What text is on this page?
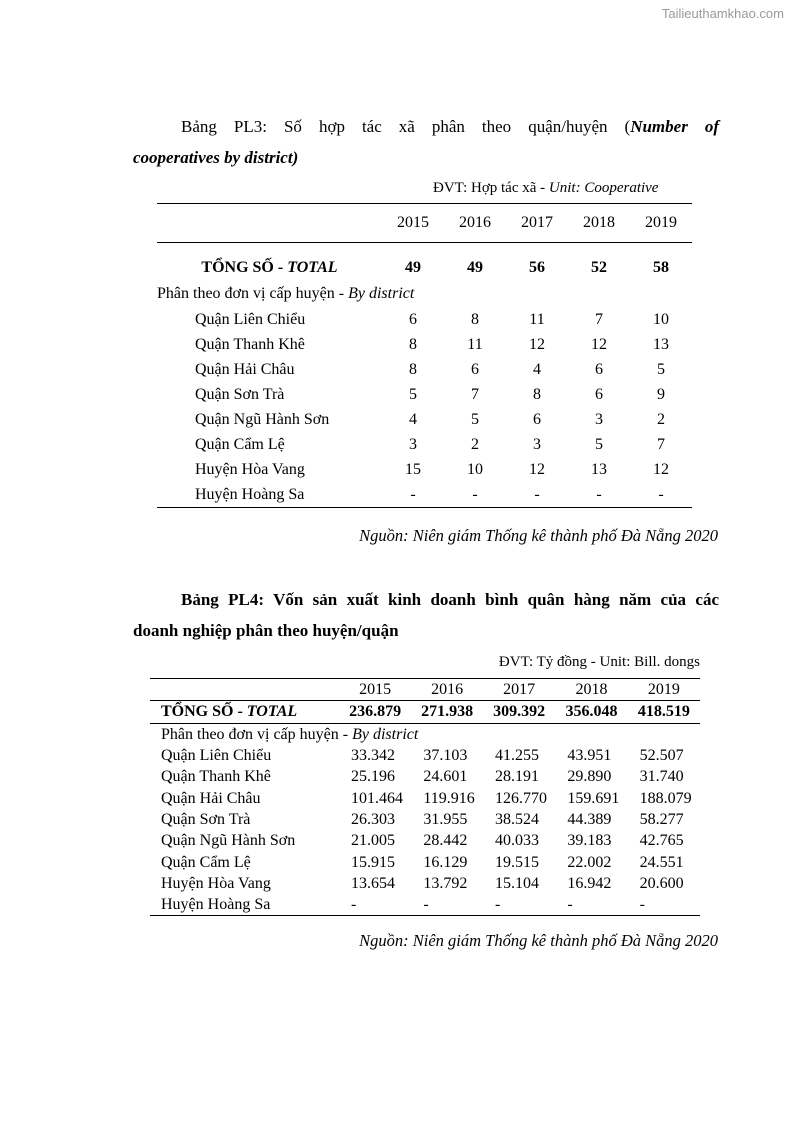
Tailieuthamkhao.com
Bảng PL3: Số hợp tác xã phân theo quận/huyện (Number of
cooperatives by district)
ĐVT: Hợp tác xã - Unit: Cooperative
	2015	2016	2017	2018	2019

TỔNG SỐ - TOTAL	49	49	56	52	58
Phân theo đơn vị cấp huyện - By district					
Quận Liên Chiểu	6	8	11	7	10
Quận Thanh Khê	8	11	12	12	13
Quận Hải Châu	8	6	4	6	5
Quận Sơn Trà	5	7	8	6	9
Quận Ngũ Hành Sơn	4	5	6	3	2
Quận Cẩm Lệ	3	2	3	5	7
Huyện Hòa Vang	15	10	12	13	12
Huyện Hoàng Sa	-	-	-	-	-
Nguồn: Niên giám Thống kê thành phố Đà Nẵng 2020
Bảng PL4: Vốn sản xuất kinh doanh bình quân hàng năm của các
doanh nghiệp phân theo huyện/quận
ĐVT: Tỷ đồng - Unit: Bill. dongs
	2015	2016	2017	2018	2019
TỔNG SỐ - TOTAL	236.879	271.938	309.392	356.048	418.519
Phân theo đơn vị cấp huyện - By district					
Quận Liên Chiểu	33.342	37.103	41.255	43.951	52.507
Quận Thanh Khê	25.196	24.601	28.191	29.890	31.740
Quận Hải Châu	101.464	119.916	126.770	159.691	188.079
Quận Sơn Trà	26.303	31.955	38.524	44.389	58.277
Quận Ngũ Hành Sơn	21.005	28.442	40.033	39.183	42.765
Quận Cẩm Lệ	15.915	16.129	19.515	22.002	24.551
Huyện Hòa Vang	13.654	13.792	15.104	16.942	20.600
Huyện Hoàng Sa	-	-	-	-	-
Nguồn: Niên giám Thống kê thành phố Đà Nẵng 2020
